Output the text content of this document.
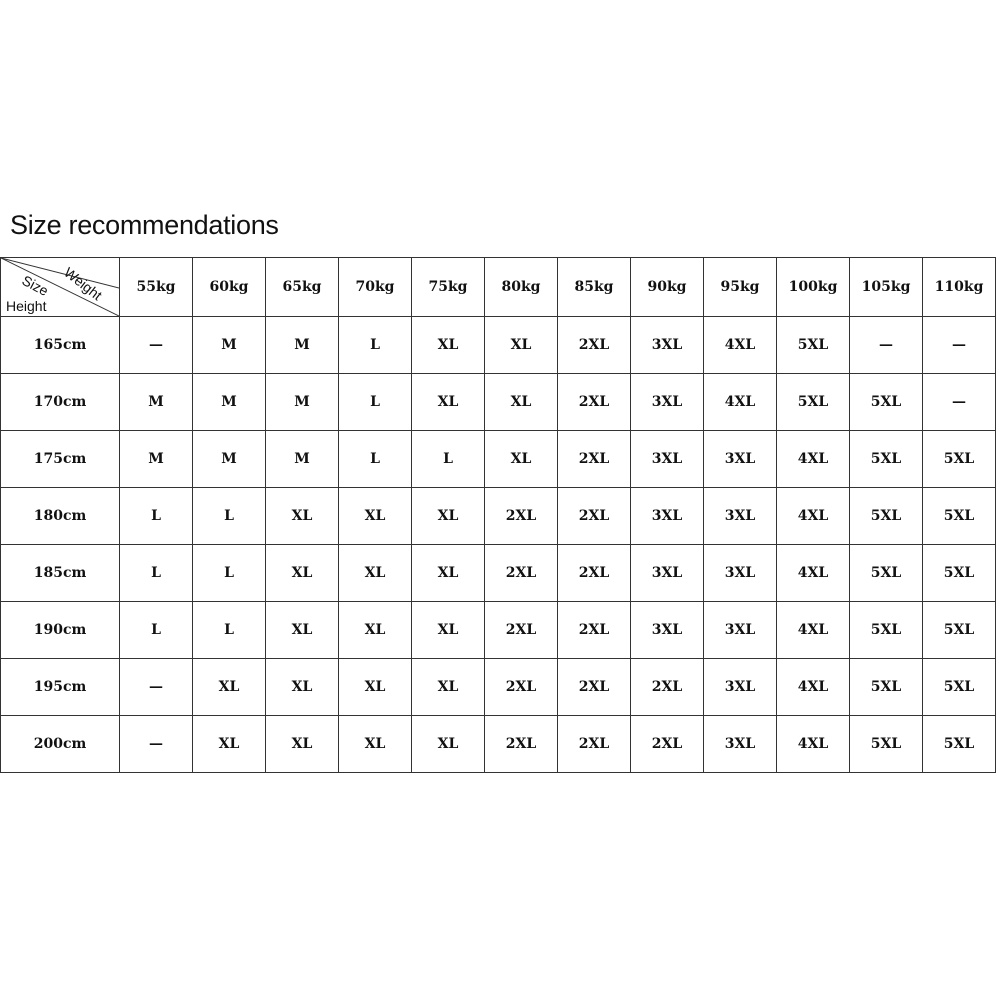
Size recommendations
Weight
Size
Height	55kg	60kg	65kg	70kg	75kg	80kg	85kg	90kg	95kg	100kg	105kg	110kg
165cm	—	M	M	L	XL	XL	2XL	3XL	4XL	5XL	—	—
170cm	M	M	M	L	XL	XL	2XL	3XL	4XL	5XL	5XL	—
175cm	M	M	M	L	L	XL	2XL	3XL	3XL	4XL	5XL	5XL
180cm	L	L	XL	XL	XL	2XL	2XL	3XL	3XL	4XL	5XL	5XL
185cm	L	L	XL	XL	XL	2XL	2XL	3XL	3XL	4XL	5XL	5XL
190cm	L	L	XL	XL	XL	2XL	2XL	3XL	3XL	4XL	5XL	5XL
195cm	—	XL	XL	XL	XL	2XL	2XL	2XL	3XL	4XL	5XL	5XL
200cm	—	XL	XL	XL	XL	2XL	2XL	2XL	3XL	4XL	5XL	5XL
